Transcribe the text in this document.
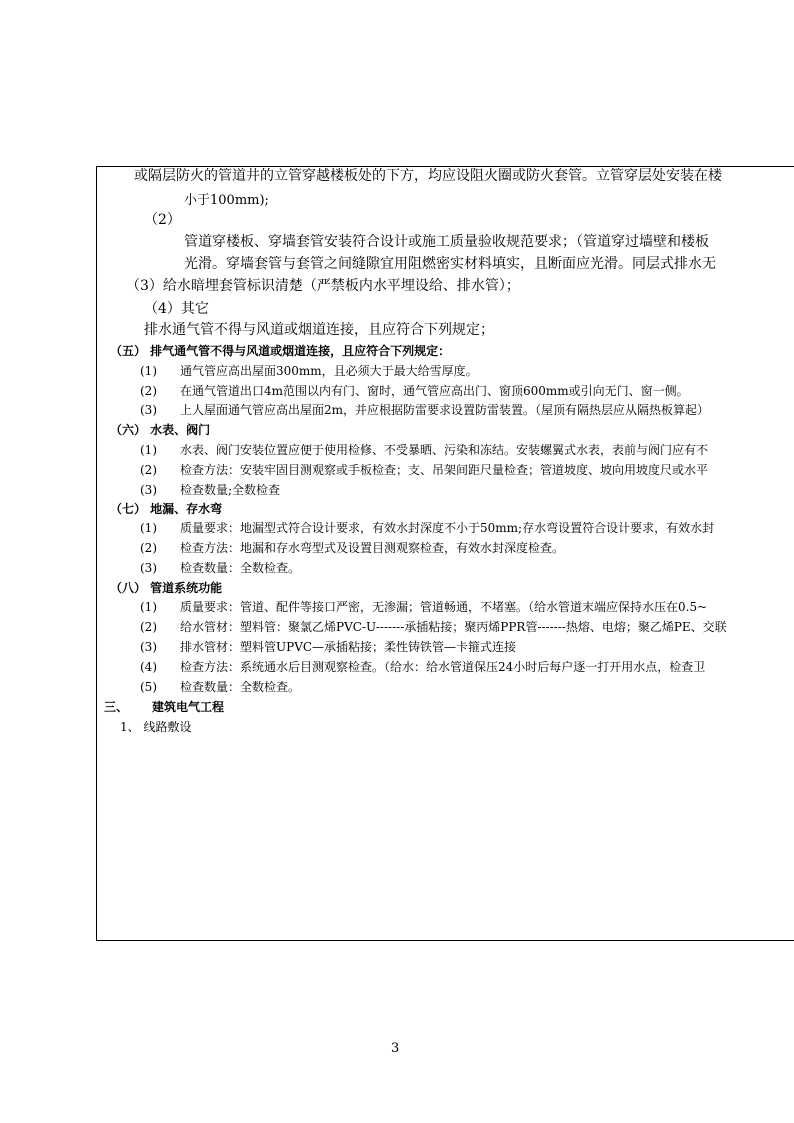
或隔层防火的管道井的立管穿越楼板处的下方，均应设阻火圈或防火套管。立管穿层处安装在楼
小于100mm);
（2）
管道穿楼板、穿墙套管安装符合设计或施工质量验收规范要求；（管道穿过墙壁和楼板
光滑。穿墙套管与套管之间缝隙宜用阻燃密实材料填实，且断面应光滑。同层式排水无
（3）给水暗埋套管标识清楚（严禁板内水平埋设给、排水管）；
（4）其它
排水通气管不得与风道或烟道连接，且应符合下列规定；
（五） 排气通气管不得与风道或烟道连接，且应符合下列规定：
(1) 通气管应高出屋面300mm，且必须大于最大给雪厚度。
(2) 在通气管道出口4m范围以内有门、窗时，通气管应高出门、窗顶600mm或引向无门、窗一侧。
(3) 上人屋面通气管应高出屋面2m，并应根据防雷要求设置防雷装置。（屋顶有隔热层应从隔热板算起）
（六） 水表、阀门
(1) 水表、阀门安装位置应便于使用检修、不受暴晒、污染和冻结。安装螺翼式水表，表前与阀门应有不
(2) 检查方法：安装牢固目测观察或手板检查；支、吊架间距尺量检查；管道坡度、坡向用坡度尺或水平
(3) 检查数量;全数检查
（七） 地漏、存水弯
(1) 质量要求：地漏型式符合设计要求，有效水封深度不小于50mm;存水弯设置符合设计要求，有效水封
(2) 检查方法：地漏和存水弯型式及设置目测观察检查，有效水封深度检查。
(3) 检查数量：全数检查。
（八） 管道系统功能
(1) 质量要求：管道、配件等接口严密，无渗漏；管道畅通，不堵塞。（给水管道末端应保持水压在0.5~
(2) 给水管材：塑料管：聚氯乙烯PVC-U-------承插粘接；聚丙烯PPR管-------热熔、电熔；聚乙烯PE、交联
(3) 排水管材：塑料管UPVC—承插粘接；柔性铸铁管—卡箍式连接
(4) 检查方法：系统通水后目测观察检查。（给水：给水管道保压24小时后每户逐一打开用水点，检查卫
(5) 检查数量：全数检查。
三、 建筑电气工程
1、 线路敷设
3
